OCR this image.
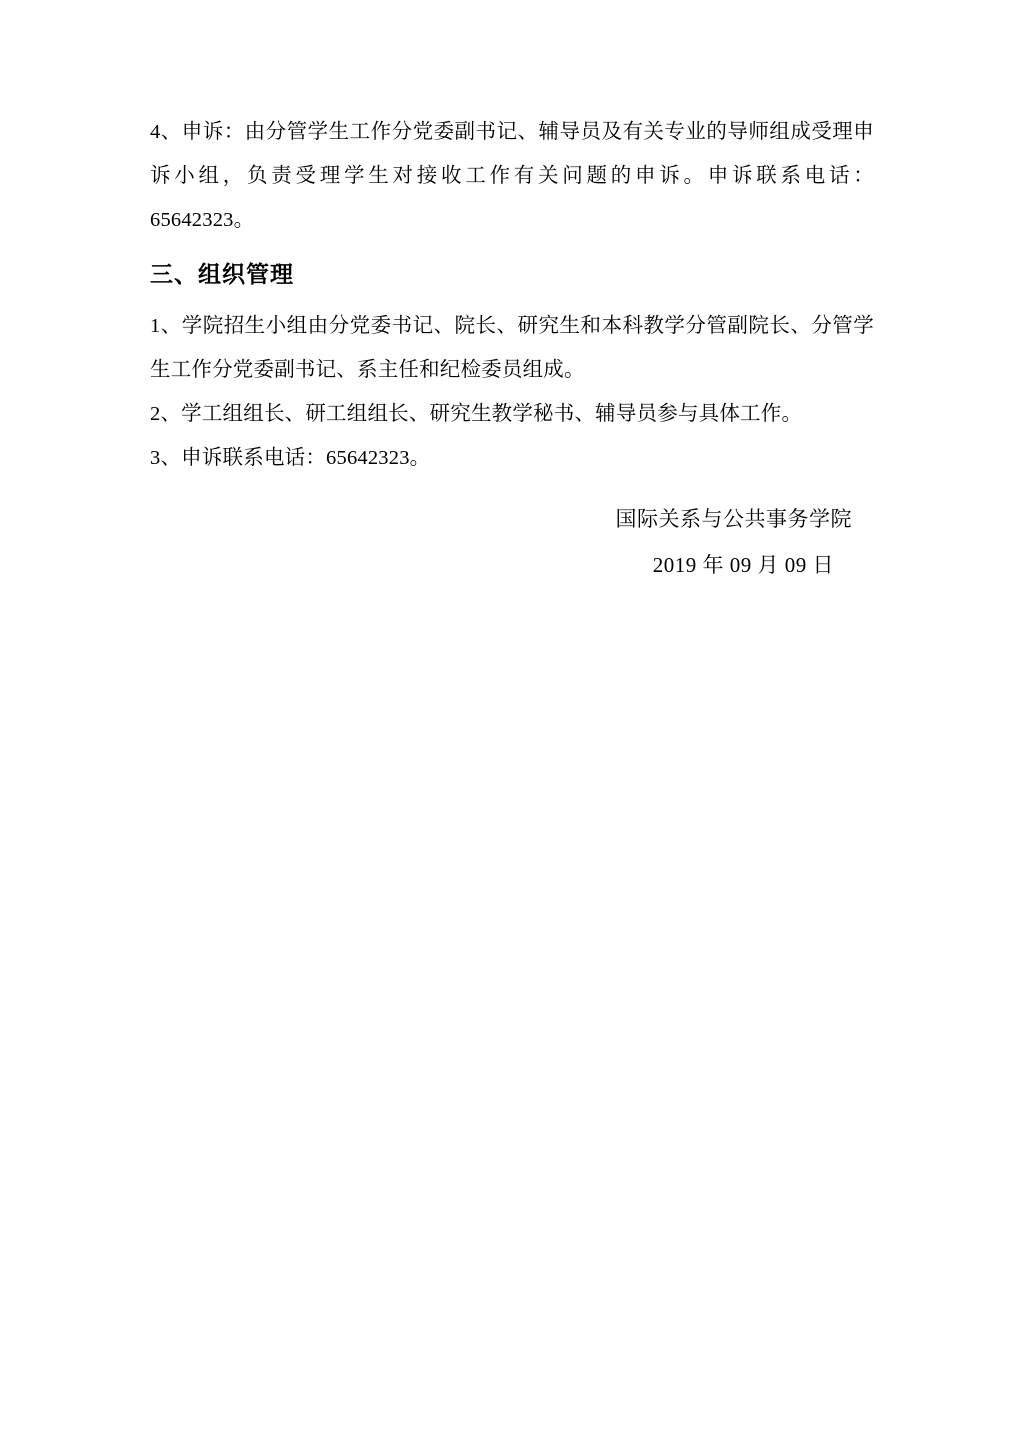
4、申诉：由分管学生工作分党委副书记、辅导员及有关专业的导师组成受理申诉小组，负责受理学生对接收工作有关问题的申诉。申诉联系电话：65642323。

三、组织管理

1、学院招生小组由分党委书记、院长、研究生和本科教学分管副院长、分管学生工作分党委副书记、系主任和纪检委员组成。

2、学工组组长、研工组组长、研究生教学秘书、辅导员参与具体工作。

3、申诉联系电话：65642323。

国际关系与公共事务学院
2019 年 09 月 09 日
